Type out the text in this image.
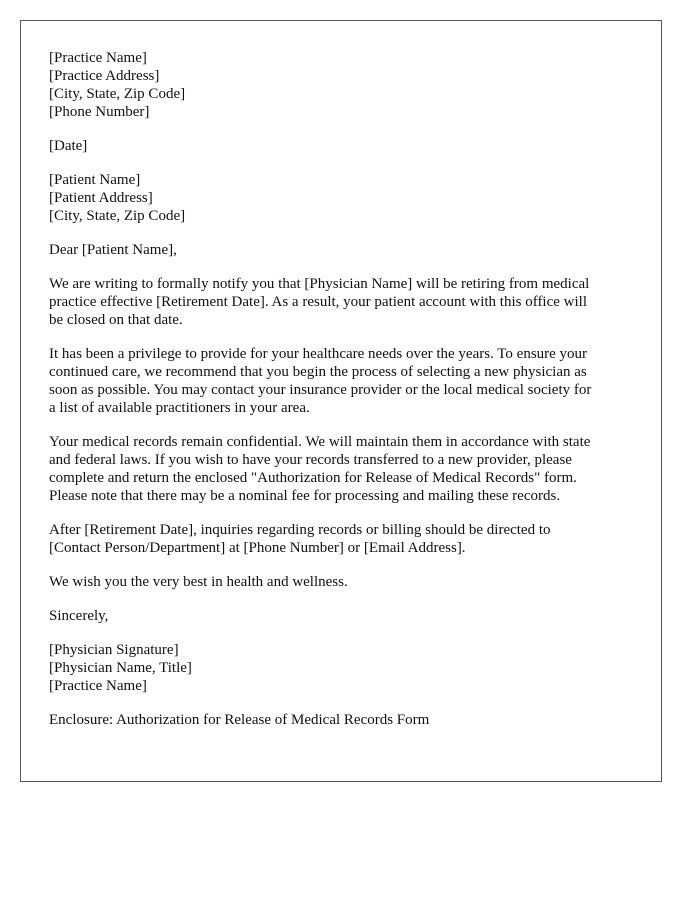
[Practice Name]
[Practice Address]
[City, State, Zip Code]
[Phone Number]
[Date]
[Patient Name]
[Patient Address]
[City, State, Zip Code]

Dear [Patient Name],

We are writing to formally notify you that [Physician Name] will be retiring from medical
practice effective [Retirement Date]. As a result, your patient account with this office will
be closed on that date.

It has been a privilege to provide for your healthcare needs over the years. To ensure your
continued care, we recommend that you begin the process of selecting a new physician as
soon as possible. You may contact your insurance provider or the local medical society for
a list of available practitioners in your area.

Your medical records remain confidential. We will maintain them in accordance with state
and federal laws. If you wish to have your records transferred to a new provider, please
complete and return the enclosed "Authorization for Release of Medical Records" form.
Please note that there may be a nominal fee for processing and mailing these records.

After [Retirement Date], inquiries regarding records or billing should be directed to
[Contact Person/Department] at [Phone Number] or [Email Address].

We wish you the very best in health and wellness.

Sincerely,

[Physician Signature]
[Physician Name, Title]
[Practice Name]

Enclosure: Authorization for Release of Medical Records Form
